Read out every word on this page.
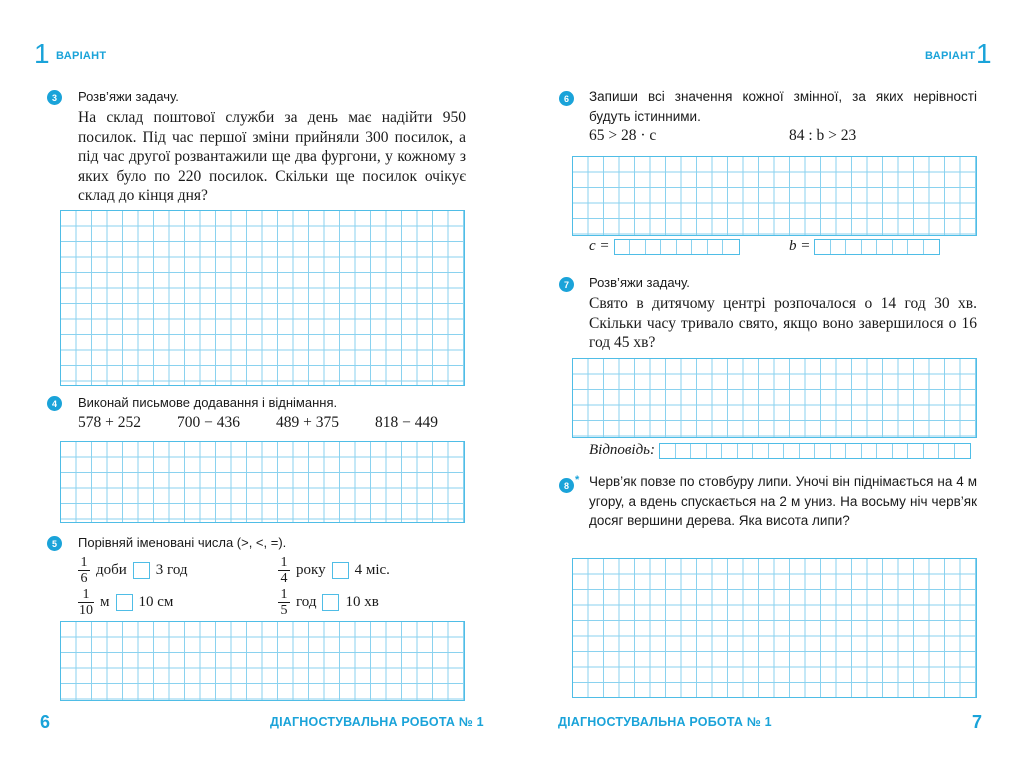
1 ВАРІАНТ
3	Розв’яжи задачу.
На склад поштової служби за день має надійти 950 посилок. Під час першої зміни прийняли 300 посилок, а під час другої розвантажили ще два фургони, у кожному з яких було по 220 посилок. Скільки ще посилок очікує склад до кінця дня?
4	Виконай письмове додавання і віднімання.
578 + 252 700 − 436 489 + 375 818 − 449
5	Порівняй іменовані числа (>, <, =).
$\frac{1}{6}$ доби 3 год	$\frac{1}{4}$ року 4 міс.
$\frac{1}{10}$ м 10 см	$\frac{1}{5}$ год 10 хв
6	ДІАГНОСТУВАЛЬНА РОБОТА № 1
ВАРІАНТ 1
6	Запиши всі значення кожної змінної, за яких нерівності будуть істинними.
65 > 28 · c	84 : b > 23
c =	b =
7	Розв’яжи задачу.
Свято в дитячому центрі розпочалося о 14 год 30 хв. Скільки часу тривало свято, якщо воно завершилося о 16 год 45 хв?
Відповідь:
8 * Черв’як повзе по стовбуру липи. Уночі він піднімається на 4 м угору, а вдень спускається на 2 м униз. На восьму ніч черв’як досяг вершини дерева. Яка висота липи?
ДІАГНОСТУВАЛЬНА РОБОТА № 1	7
